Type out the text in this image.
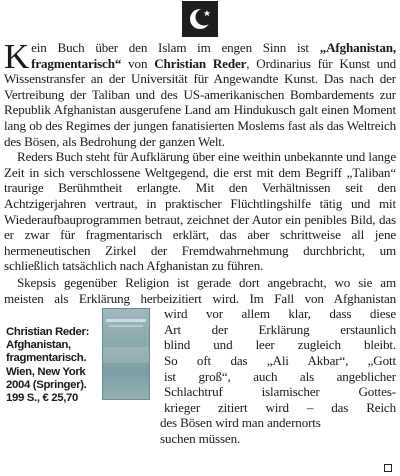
Kein Buch über den Islam im engen Sinn ist „Afghanistan, fragmentarisch“ von Christian Reder, Ordinarius für Kunst und Wissenstransfer an der Universität für Angewandte Kunst. Das nach der Vertreibung der Taliban und des US-amerikanischen Bombardements zur Republik Afghanistan ausgerufene Land am Hindukusch galt einen Moment lang ob des Regimes der jungen fanatisierten Moslems fast als das Weltreich des Bösen, als Bedrohung der ganzen Welt.

Reders Buch steht für Aufklärung über eine weithin unbekannte und lange Zeit in sich verschlossene Weltgegend, die erst mit dem Begriff „Taliban“ traurige Berühmtheit erlangte. Mit den Verhältnissen seit den Achtzigerjahren vertraut, in praktischer Flüchtlingshilfe tätig und mit Wiederaufbauprogrammen betraut, zeichnet der Autor ein penibles Bild, das er zwar für fragmentarisch erklärt, das aber schrittweise all jene hermeneutischen Zirkel der Fremdwahrnehmung durchbricht, um schließlich tatsächlich nach Afghanistan zu führen.

Skepsis gegenüber Religion ist gerade dort angebracht, wo sie am
meisten als Erklärung herbeizitiert wird. Im Fall von Afghanistan
wird vor allem klar, dass diese
Art der Erklärung erstaunlich
blind und leer zugleich bleibt.
So oft das „Ali Akbar“, „Gott
ist groß“, auch als angeblicher
Schlachtruf islamischer Gottes-
krieger zitiert wird – das Reich
des Bösen wird man andernorts
suchen müssen.
Christian Reder:
Afghanistan,
fragmentarisch.
Wien, New York
2004 (Springer).
199 S., € 25,70
